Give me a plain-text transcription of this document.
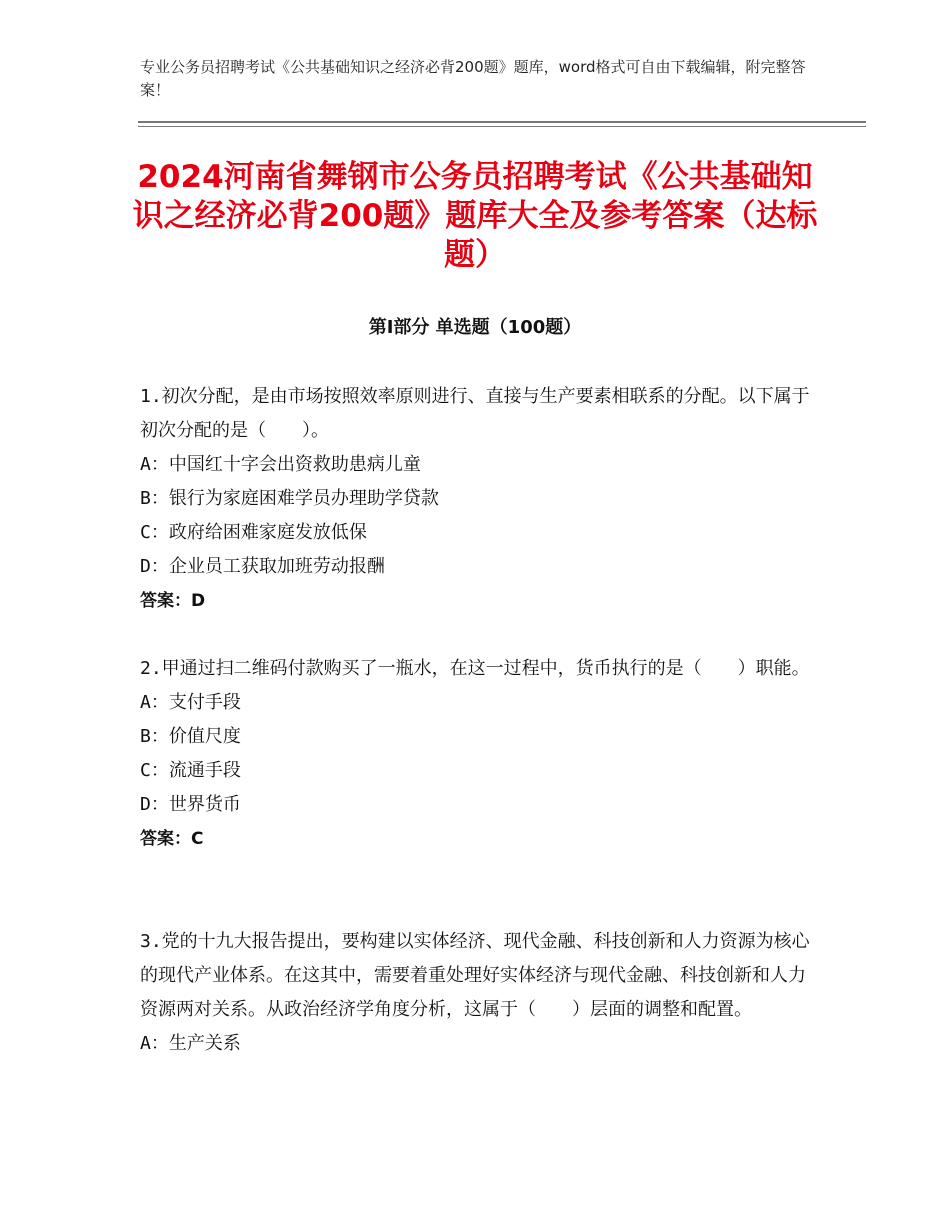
专业公务员招聘考试《公共基础知识之经济必背200题》题库，word格式可自由下载编辑，附完整答案！
2024河南省舞钢市公务员招聘考试《公共基础知识之经济必背200题》题库大全及参考答案（达标题）
第Ⅰ部分 单选题（100题）
1.初次分配，是由市场按照效率原则进行、直接与生产要素相联系的分配。以下属于初次分配的是（　　）。
A：中国红十字会出资救助患病儿童
B：银行为家庭困难学员办理助学贷款
C：政府给困难家庭发放低保
D：企业员工获取加班劳动报酬
答案：D
2.甲通过扫二维码付款购买了一瓶水，在这一过程中，货币执行的是（　　）职能。
A：支付手段
B：价值尺度
C：流通手段
D：世界货币
答案：C
3.党的十九大报告提出，要构建以实体经济、现代金融、科技创新和人力资源为核心的现代产业体系。在这其中，需要着重处理好实体经济与现代金融、科技创新和人力资源两对关系。从政治经济学角度分析，这属于（　　）层面的调整和配置。
A：生产关系
